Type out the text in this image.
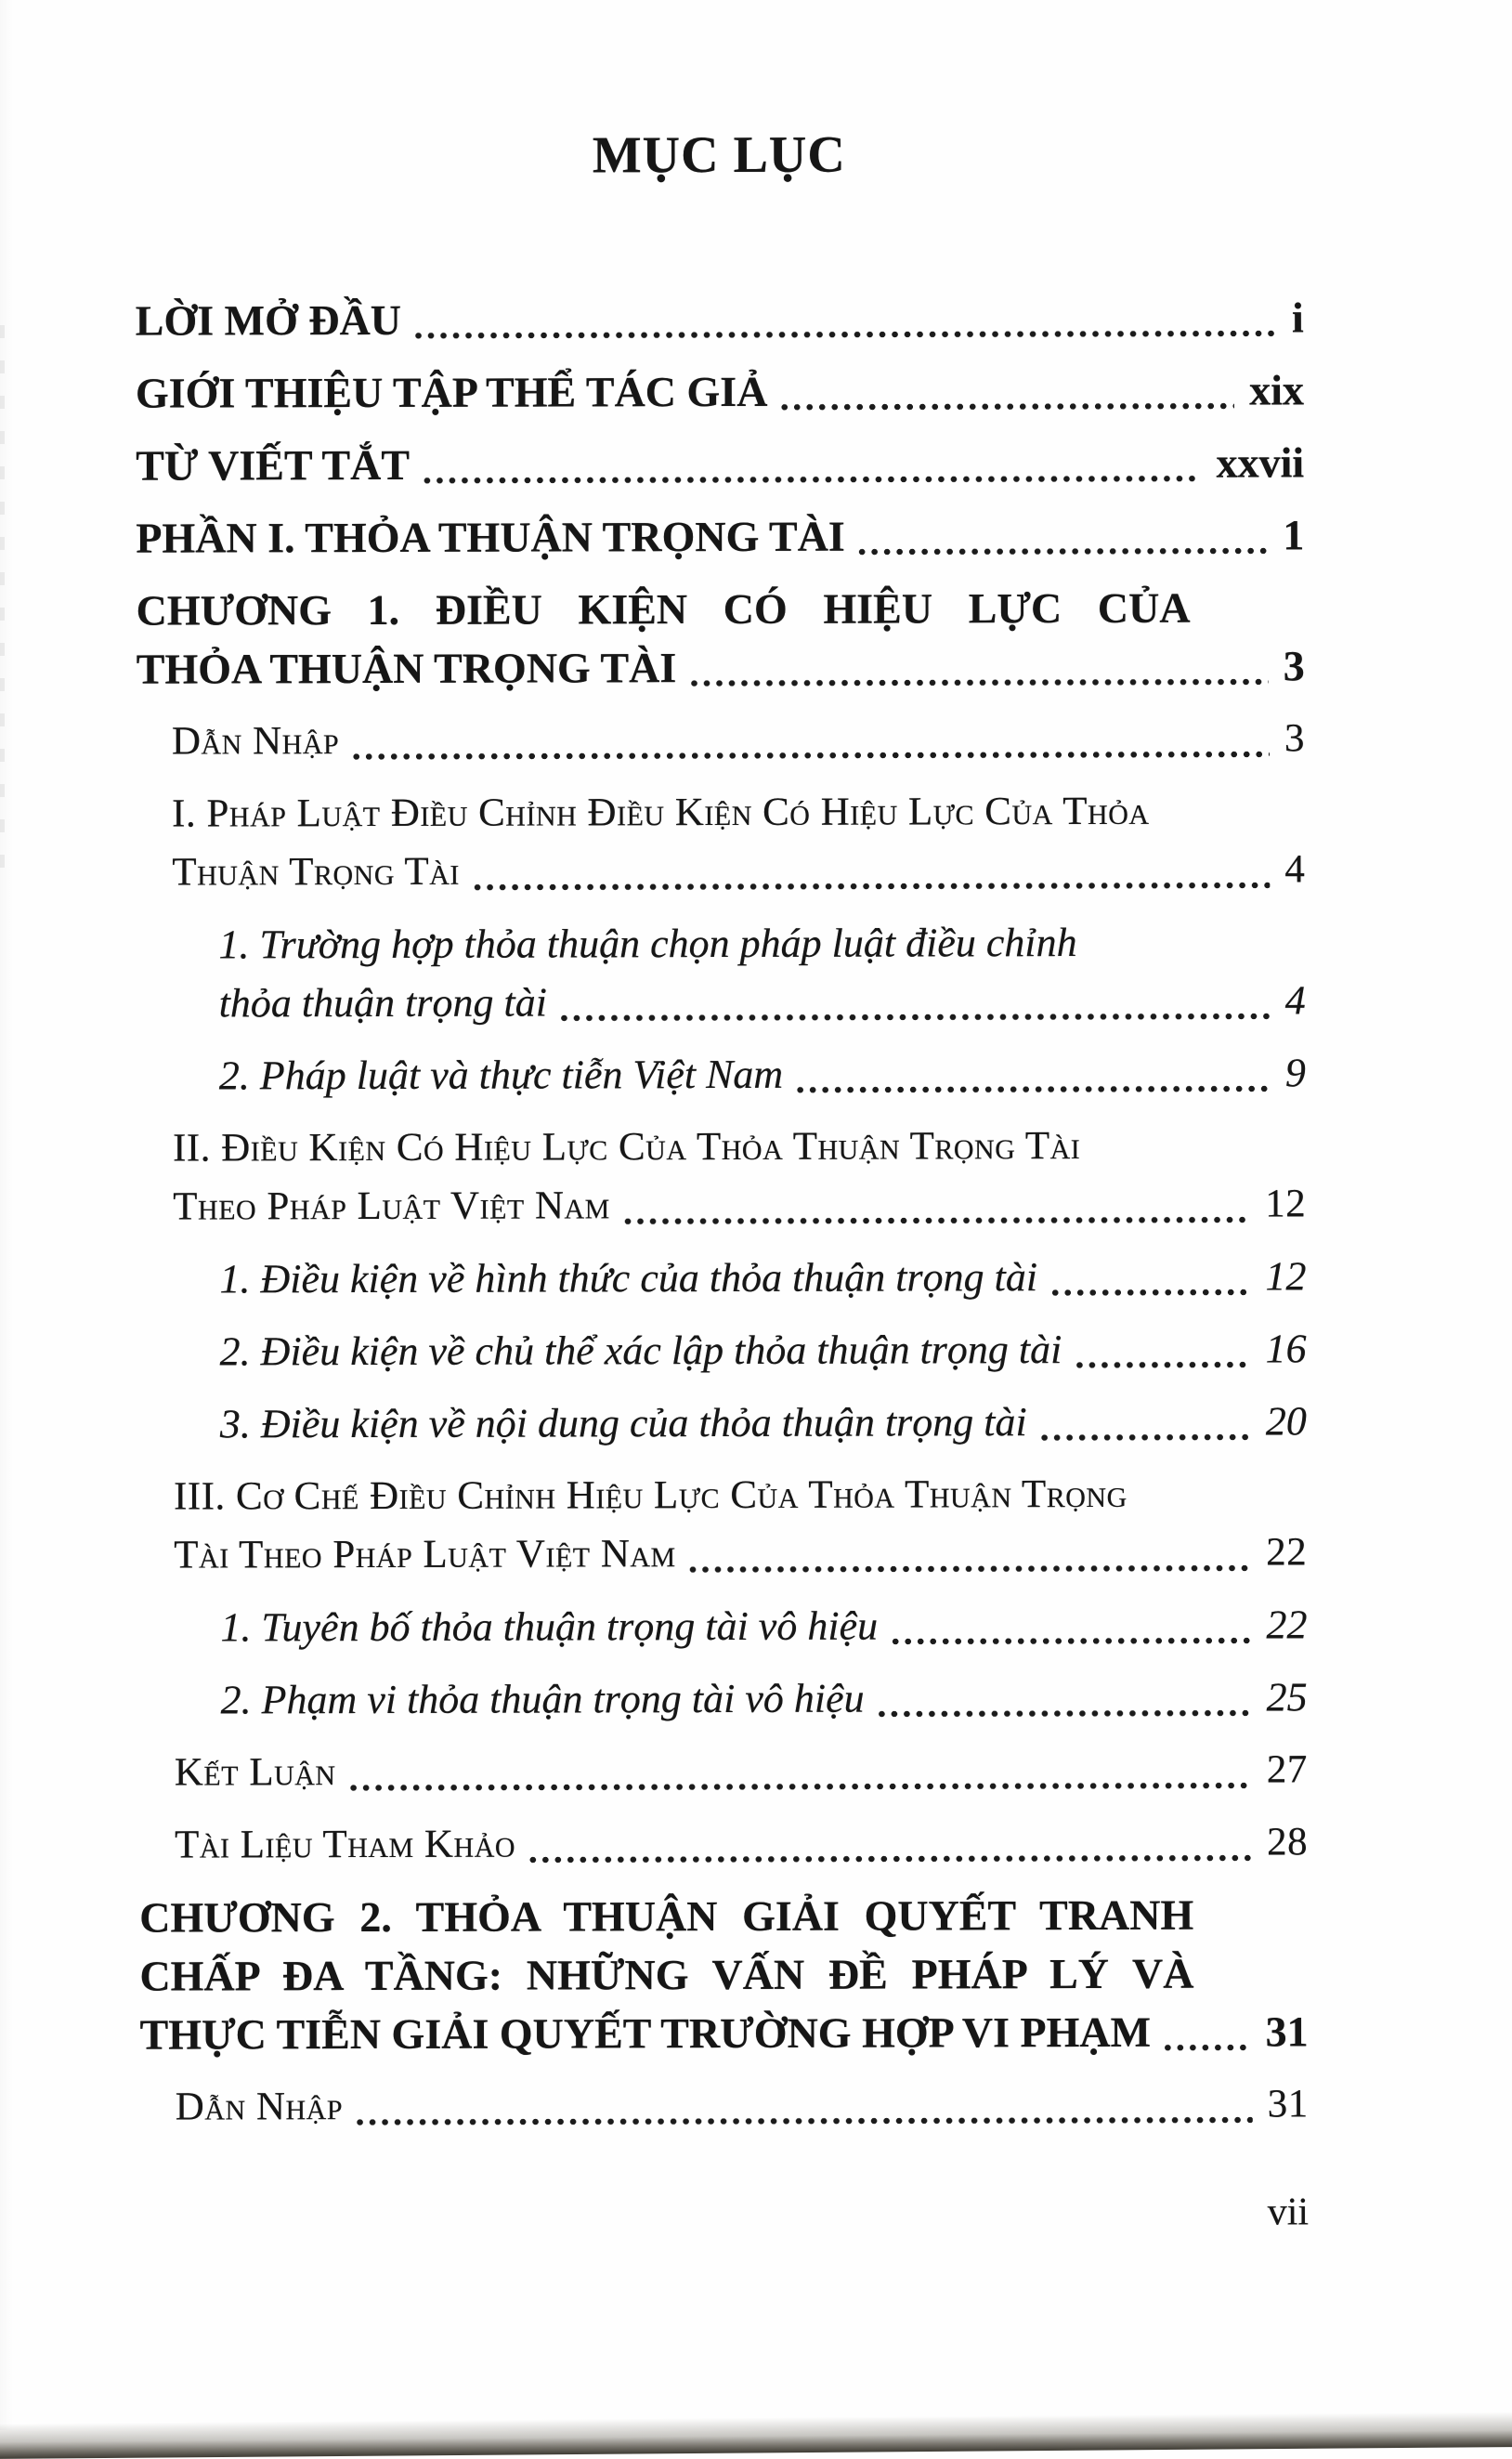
MỤC LỤC
LỜI MỞ ĐẦU	i
GIỚI THIỆU TẬP THỂ TÁC GIẢ	xix
TỪ VIẾT TẮT	xxvii
PHẦN I. THỎA THUẬN TRỌNG TÀI	1
CHƯƠNG 1. ĐIỀU KIỆN CÓ HIỆU LỰC CỦA
THỎA THUẬN TRỌNG TÀI	3
Dẫn Nhập	3
I. Pháp Luật Điều Chỉnh Điều Kiện Có Hiệu Lực Của Thỏa
Thuận Trọng Tài	4
1. Trường hợp thỏa thuận chọn pháp luật điều chỉnh
thỏa thuận trọng tài	4
2. Pháp luật và thực tiễn Việt Nam	9
II. Điều Kiện Có Hiệu Lực Của Thỏa Thuận Trọng Tài
Theo Pháp Luật Việt Nam	12
1. Điều kiện về hình thức của thỏa thuận trọng tài	12
2. Điều kiện về chủ thể xác lập thỏa thuận trọng tài	16
3. Điều kiện về nội dung của thỏa thuận trọng tài	20
III. Cơ Chế Điều Chỉnh Hiệu Lực Của Thỏa Thuận Trọng
Tài Theo Pháp Luật Việt Nam	22
1. Tuyên bố thỏa thuận trọng tài vô hiệu	22
2. Phạm vi thỏa thuận trọng tài vô hiệu	25
Kết Luận	27
Tài Liệu Tham Khảo	28
CHƯƠNG 2. THỎA THUẬN GIẢI QUYẾT TRANH
CHẤP ĐA TẦNG: NHỮNG VẤN ĐỀ PHÁP LÝ VÀ
THỰC TIỄN GIẢI QUYẾT TRƯỜNG HỢP VI PHẠM	31
Dẫn Nhập	31
vii
